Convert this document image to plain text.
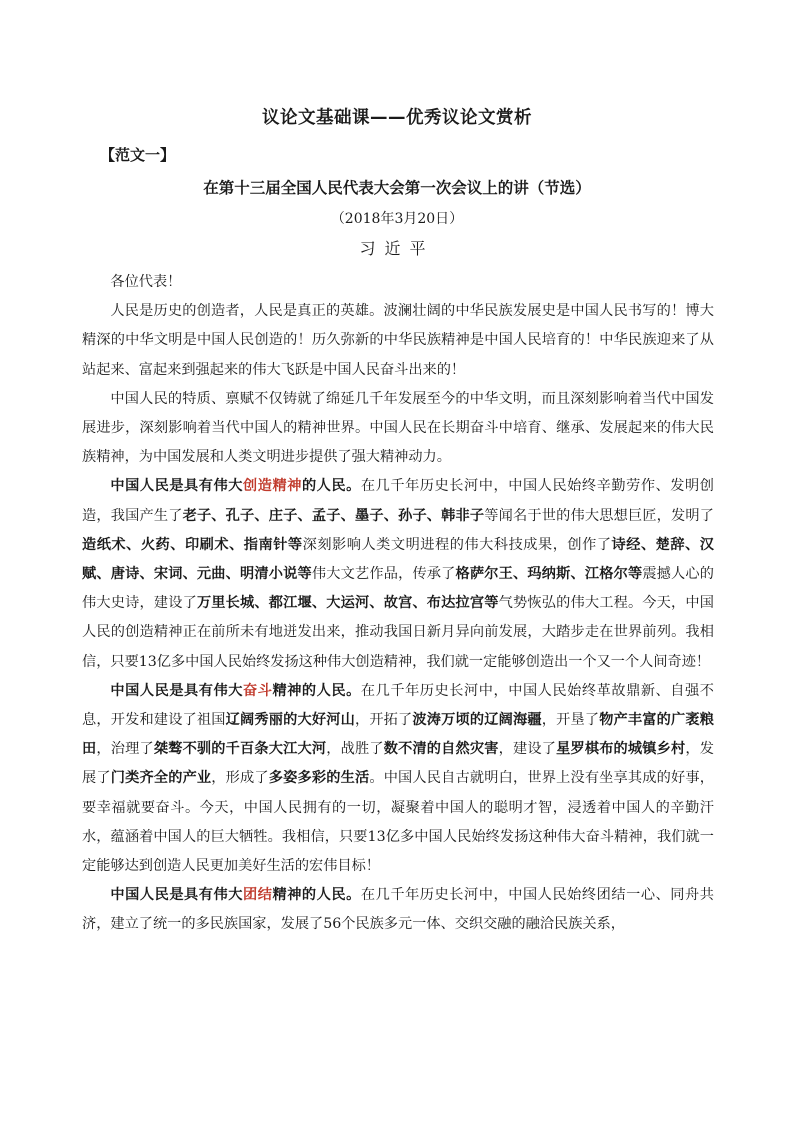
议论文基础课——优秀议论文赏析
【范文一】
在第十三届全国人民代表大会第一次会议上的讲（节选）
（2018年3月20日）
习近平

各位代表！

人民是历史的创造者，人民是真正的英雄。波澜壮阔的中华民族发展史是中国人民书写的！博大精深的中华文明是中国人民创造的！历久弥新的中华民族精神是中国人民培育的！中华民族迎来了从站起来、富起来到强起来的伟大飞跃是中国人民奋斗出来的！

中国人民的特质、禀赋不仅铸就了绵延几千年发展至今的中华文明，而且深刻影响着当代中国发展进步，深刻影响着当代中国人的精神世界。中国人民在长期奋斗中培育、继承、发展起来的伟大民族精神，为中国发展和人类文明进步提供了强大精神动力。

中国人民是具有伟大创造精神的人民。在几千年历史长河中，中国人民始终辛勤劳作、发明创造，我国产生了老子、孔子、庄子、孟子、墨子、孙子、韩非子等闻名于世的伟大思想巨匠，发明了造纸术、火药、印刷术、指南针等深刻影响人类文明进程的伟大科技成果，创作了诗经、楚辞、汉赋、唐诗、宋词、元曲、明清小说等伟大文艺作品，传承了格萨尔王、玛纳斯、江格尔等震撼人心的伟大史诗，建设了万里长城、都江堰、大运河、故宫、布达拉宫等气势恢弘的伟大工程。今天，中国人民的创造精神正在前所未有地迸发出来，推动我国日新月异向前发展，大踏步走在世界前列。我相信，只要13亿多中国人民始终发扬这种伟大创造精神，我们就一定能够创造出一个又一个人间奇迹！

中国人民是具有伟大奋斗精神的人民。在几千年历史长河中，中国人民始终革故鼎新、自强不息，开发和建设了祖国辽阔秀丽的大好河山，开拓了波涛万顷的辽阔海疆，开垦了物产丰富的广袤粮田，治理了桀骜不驯的千百条大江大河，战胜了数不清的自然灾害，建设了星罗棋布的城镇乡村，发展了门类齐全的产业，形成了多姿多彩的生活。中国人民自古就明白，世界上没有坐享其成的好事，要幸福就要奋斗。今天，中国人民拥有的一切，凝聚着中国人的聪明才智，浸透着中国人的辛勤汗水，蕴涵着中国人的巨大牺牲。我相信，只要13亿多中国人民始终发扬这种伟大奋斗精神，我们就一定能够达到创造人民更加美好生活的宏伟目标！

中国人民是具有伟大团结精神的人民。在几千年历史长河中，中国人民始终团结一心、同舟共济，建立了统一的多民族国家，发展了56个民族多元一体、交织交融的融洽民族关系，
